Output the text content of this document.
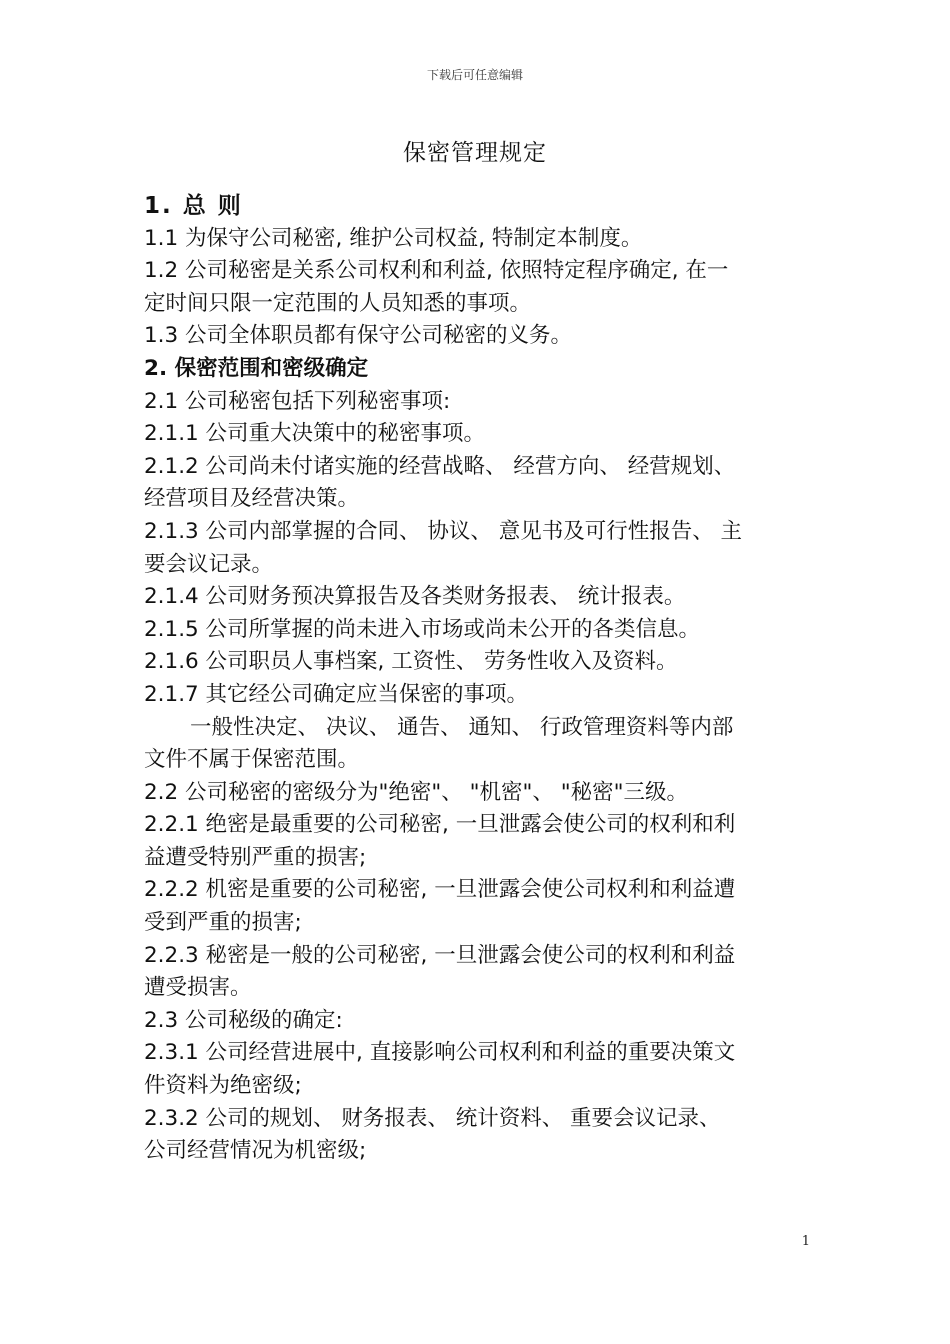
下载后可任意编辑
保密管理规定
1. 总 则
1.1 为保守公司秘密, 维护公司权益, 特制定本制度。
1.2 公司秘密是关系公司权利和利益, 依照特定程序确定, 在一
定时间只限一定范围的人员知悉的事项。
1.3 公司全体职员都有保守公司秘密的义务。
2. 保密范围和密级确定
2.1 公司秘密包括下列秘密事项:
2.1.1 公司重大决策中的秘密事项。
2.1.2 公司尚未付诸实施的经营战略、 经营方向、 经营规划、
经营项目及经营决策。
2.1.3 公司内部掌握的合同、 协议、 意见书及可行性报告、 主
要会议记录。
2.1.4 公司财务预决算报告及各类财务报表、 统计报表。
2.1.5 公司所掌握的尚未进入市场或尚未公开的各类信息。
2.1.6 公司职员人事档案, 工资性、 劳务性收入及资料。
2.1.7 其它经公司确定应当保密的事项。
一般性决定、 决议、 通告、 通知、 行政管理资料等内部
文件不属于保密范围。
2.2 公司秘密的密级分为"绝密"、 "机密"、 "秘密"三级。
2.2.1 绝密是最重要的公司秘密, 一旦泄露会使公司的权利和利
益遭受特别严重的损害;
2.2.2 机密是重要的公司秘密, 一旦泄露会使公司权利和利益遭
受到严重的损害;
2.2.3 秘密是一般的公司秘密, 一旦泄露会使公司的权利和利益
遭受损害。
2.3 公司秘级的确定:
2.3.1 公司经营进展中, 直接影响公司权利和利益的重要决策文
件资料为绝密级;
2.3.2 公司的规划、 财务报表、 统计资料、 重要会议记录、
公司经营情况为机密级;
1
